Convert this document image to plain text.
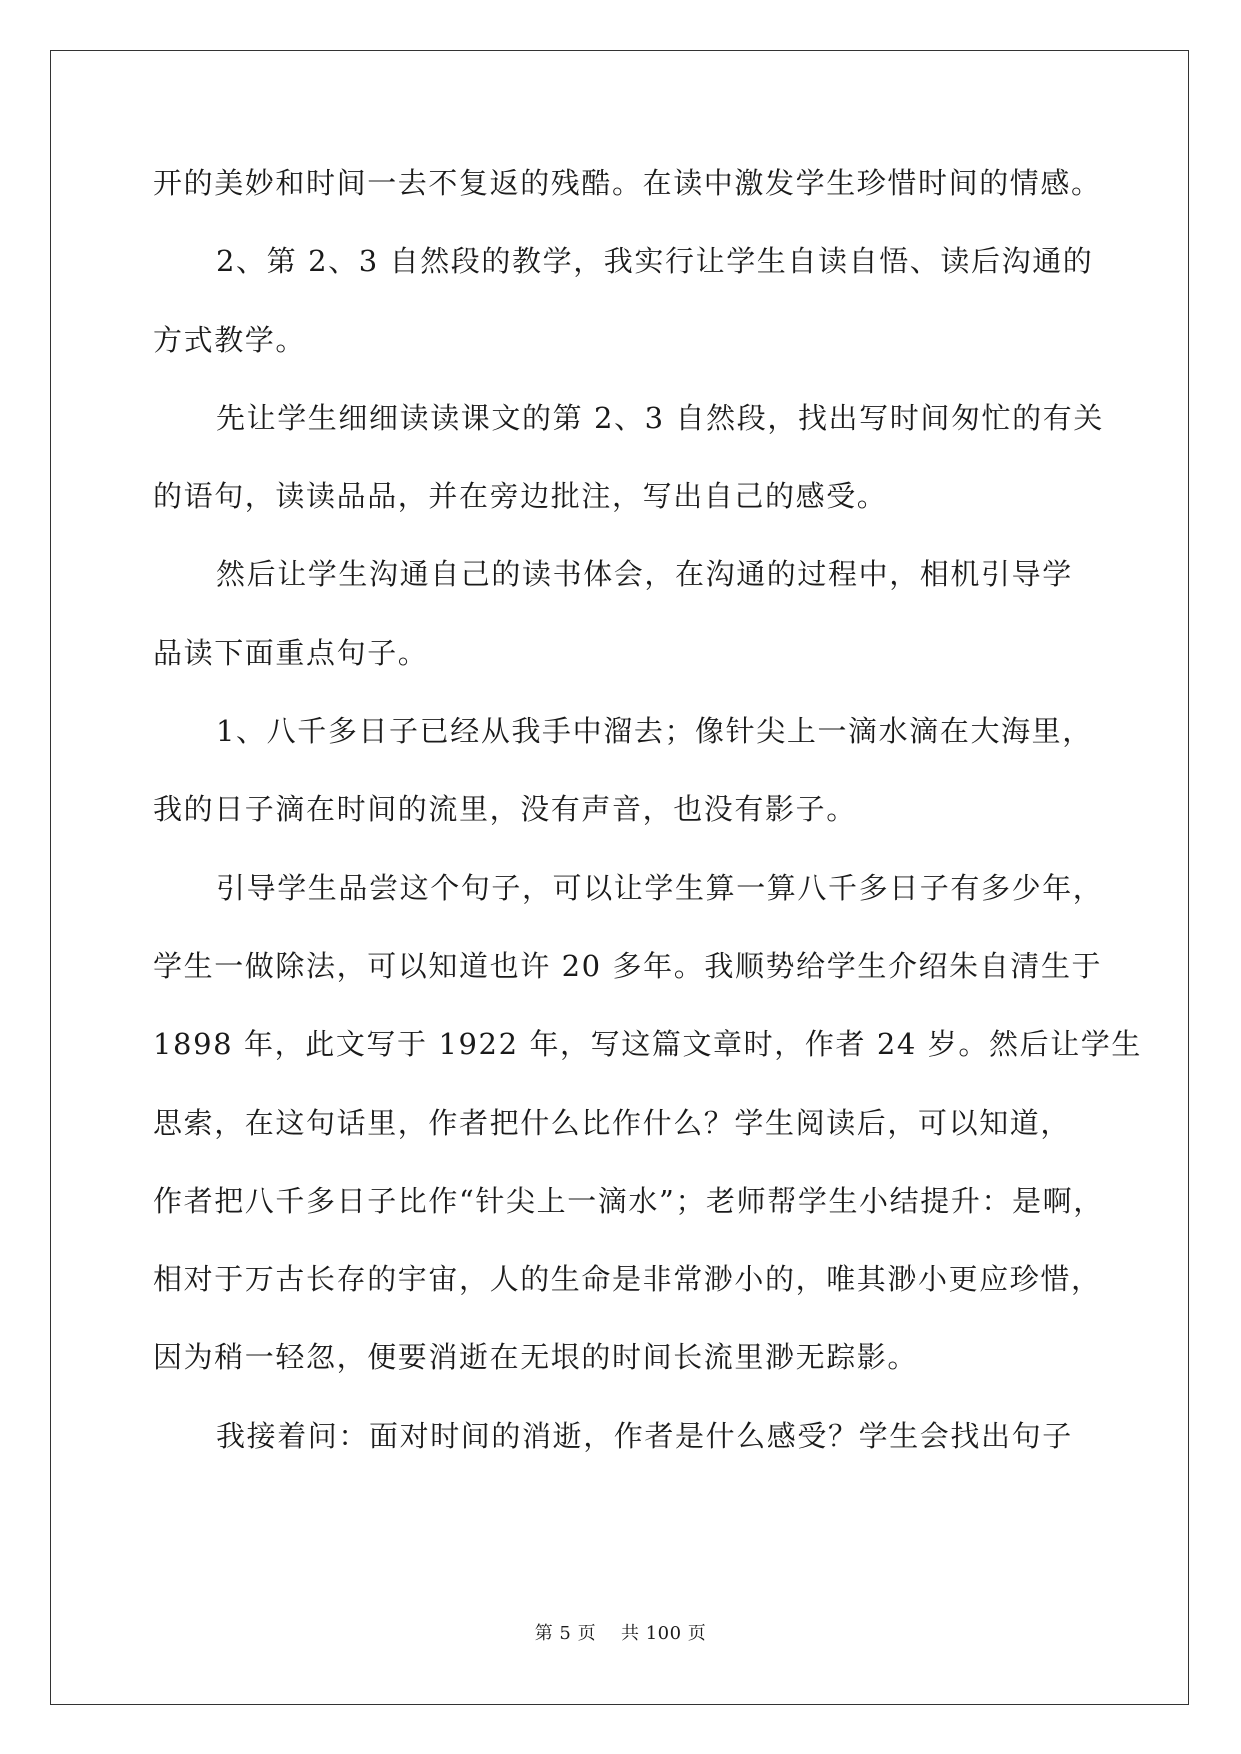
开的美妙和时间一去不复返的残酷。在读中激发学生珍惜时间的情感。
2、第 2、3 自然段的教学，我实行让学生自读自悟、读后沟通的
方式教学。
先让学生细细读读课文的第 2、3 自然段，找出写时间匆忙的有关
的语句，读读品品，并在旁边批注，写出自己的感受。
然后让学生沟通自己的读书体会，在沟通的过程中，相机引导学
品读下面重点句子。
1、八千多日子已经从我手中溜去；像针尖上一滴水滴在大海里，
我的日子滴在时间的流里，没有声音，也没有影子。
引导学生品尝这个句子，可以让学生算一算八千多日子有多少年，
学生一做除法，可以知道也许 20 多年。我顺势给学生介绍朱自清生于
1898 年，此文写于 1922 年，写这篇文章时，作者 24 岁。然后让学生
思索，在这句话里，作者把什么比作什么？学生阅读后，可以知道，
作者把八千多日子比作“针尖上一滴水”；老师帮学生小结提升：是啊，
相对于万古长存的宇宙，人的生命是非常渺小的，唯其渺小更应珍惜，
因为稍一轻忽，便要消逝在无垠的时间长流里渺无踪影。
我接着问：面对时间的消逝，作者是什么感受？学生会找出句子
第 5 页    共 100 页
